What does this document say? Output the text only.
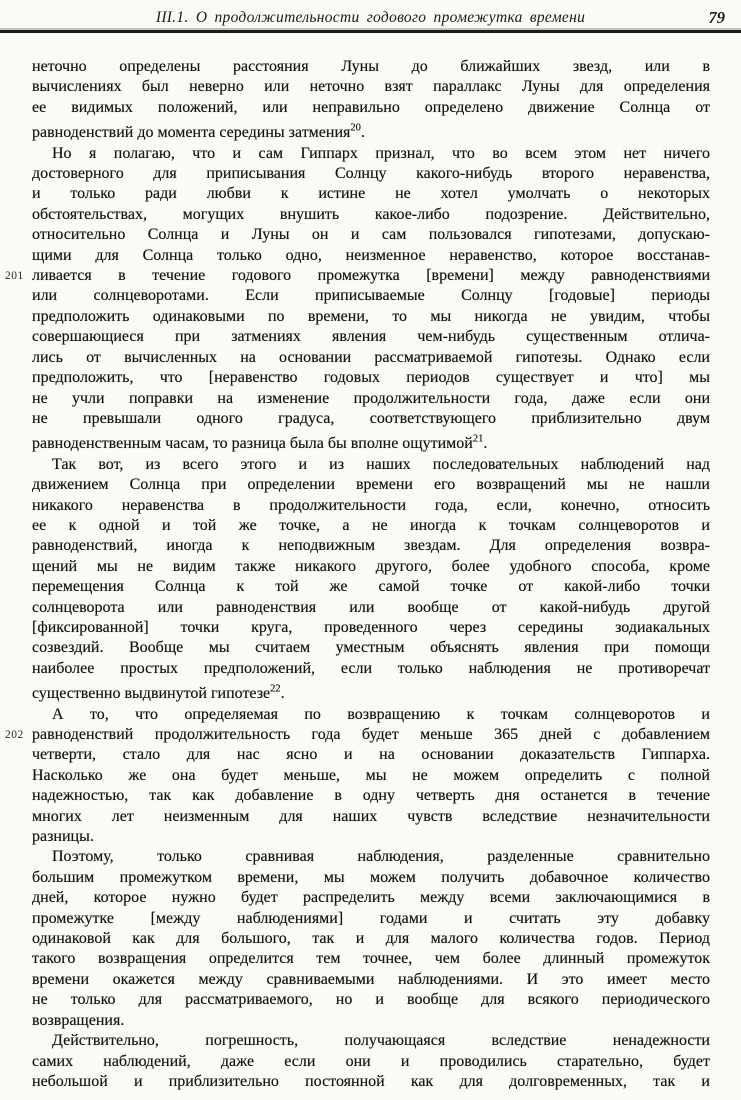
III.1. О продолжительности годового промежутка времени	79
неточно определены расстояния Луны до ближайших звезд, или в
вычислениях был неверно или неточно взят параллакс Луны для определения
ее видимых положений, или неправильно определено движение Солнца от
равноденствий до момента середины затмения$^{20}$.
Но я полагаю, что и сам Гиппарх признал, что во всем этом нет ничего
достоверного для приписывания Солнцу какого-нибудь второго неравенства,
и только ради любви к истине не хотел умолчать о некоторых
обстоятельствах, могущих внушить какое-либо подозрение. Действительно,
относительно Солнца и Луны он и сам пользовался гипотезами, допускаю-
щими для Солнца только одно, неизменное неравенство, которое восстанав-
ливается в течение годового промежутка [времени] между равноденствиями
или солнцеворотами. Если приписываемые Солнцу [годовые] периоды
предположить одинаковыми по времени, то мы никогда не увидим, чтобы
совершающиеся при затмениях явления чем-нибудь существенным отлича-
лись от вычисленных на основании рассматриваемой гипотезы. Однако если
предположить, что [неравенство годовых периодов существует и что] мы
не учли поправки на изменение продолжительности года, даже если они
не превышали одного градуса, соответствующего приблизительно двум
равноденственным часам, то разница была бы вполне ощутимой$^{21}$.
Так вот, из всего этого и из наших последовательных наблюдений над
движением Солнца при определении времени его возвращений мы не нашли
никакого неравенства в продолжительности года, если, конечно, относить
ее к одной и той же точке, а не иногда к точкам солнцеворотов и
равноденствий, иногда к неподвижным звездам. Для определения возвра-
щений мы не видим также никакого другого, более удобного способа, кроме
перемещения Солнца к той же самой точке от какой-либо точки
солнцеворота или равноденствия или вообще от какой-нибудь другой
[фиксированной] точки круга, проведенного через середины зодиакальных
созвездий. Вообще мы считаем уместным объяснять явления при помощи
наиболее простых предположений, если только наблюдения не противоречат
существенно выдвинутой гипотезе$^{22}$.
А то, что определяемая по возвращению к точкам солнцеворотов и
равноденствий продолжительность года будет меньше 365 дней с добавлением
четверти, стало для нас ясно и на основании доказательств Гиппарха.
Насколько же она будет меньше, мы не можем определить с полной
надежностью, так как добавление в одну четверть дня останется в течение
многих лет неизменным для наших чувств вследствие незначительности
разницы.
Поэтому, только сравнивая наблюдения, разделенные сравнительно
большим промежутком времени, мы можем получить добавочное количество
дней, которое нужно будет распределить между всеми заключающимися в
промежутке [между наблюдениями] годами и считать эту добавку
одинаковой как для большого, так и для малого количества годов. Период
такого возвращения определится тем точнее, чем более длинный промежуток
времени окажется между сравниваемыми наблюдениями. И это имеет место
не только для рассматриваемого, но и вообще для всякого периодического
возвращения.
Действительно, погрешность, получающаяся вследствие ненадежности
самих наблюдений, даже если они и проводились старательно, будет
небольшой и приблизительно постоянной как для долговременных, так и
201
202
